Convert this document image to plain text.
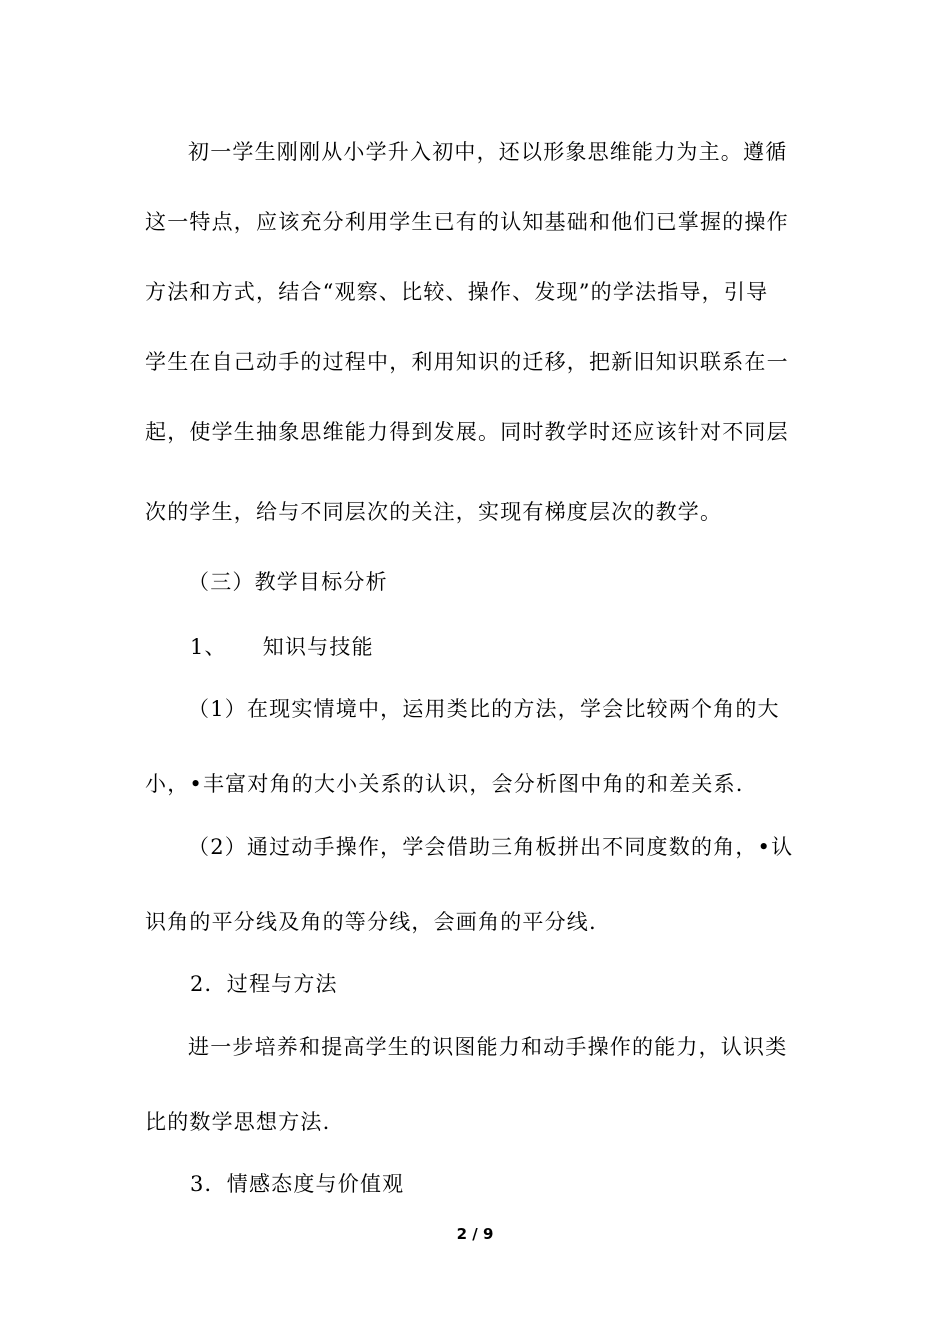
初一学生刚刚从小学升入初中，还以形象思维能力为主。遵循
这一特点，应该充分利用学生已有的认知基础和他们已掌握的操作
方法和方式，结合“观察、比较、操作、发现”的学法指导，引导
学生在自己动手的过程中，利用知识的迁移，把新旧知识联系在一
起，使学生抽象思维能力得到发展。同时教学时还应该针对不同层
次的学生，给与不同层次的关注，实现有梯度层次的教学。
（三）教学目标分析
1、 知识与技能
（1）在现实情境中，运用类比的方法，学会比较两个角的大
小，•丰富对角的大小关系的认识，会分析图中角的和差关系.
（2）通过动手操作，学会借助三角板拼出不同度数的角，•认
识角的平分线及角的等分线，会画角的平分线.
2．过程与方法
进一步培养和提高学生的识图能力和动手操作的能力，认识类
比的数学思想方法.
3．情感态度与价值观
2 / 9
